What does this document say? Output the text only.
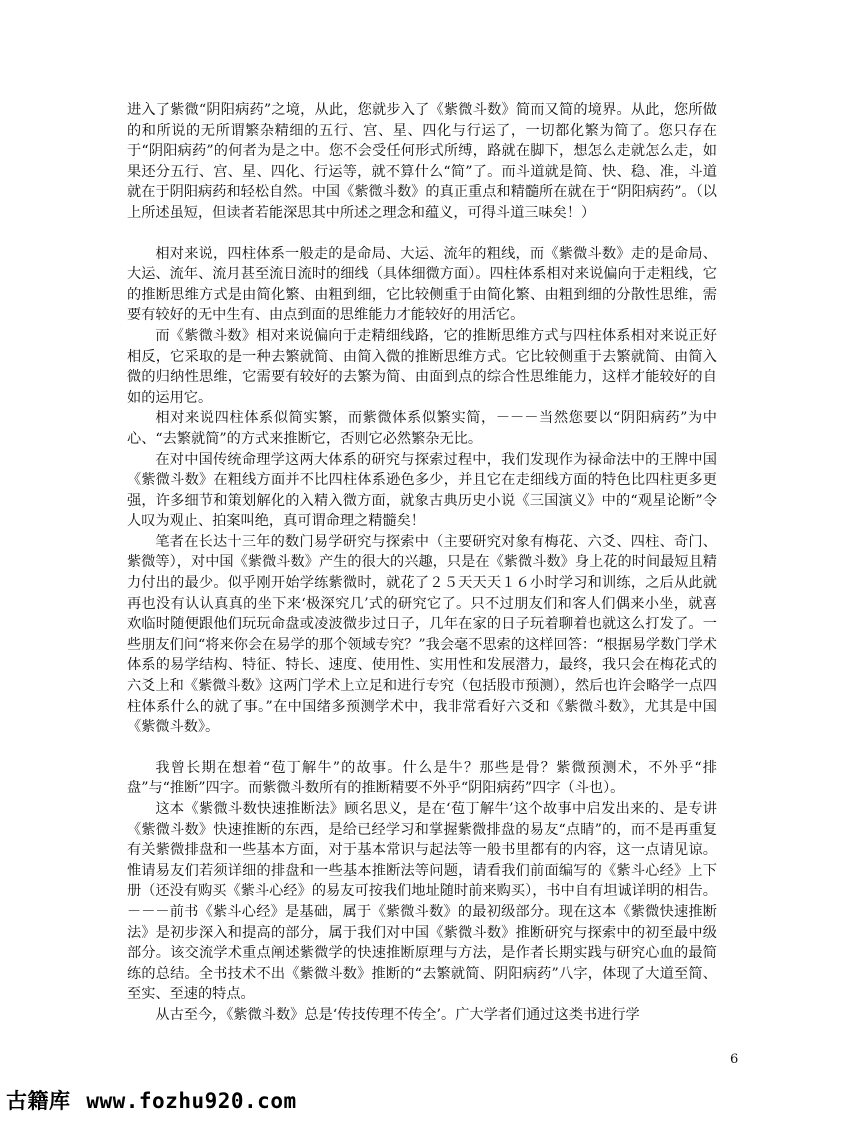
进入了紫微“阴阳病药”之境，从此，您就步入了《紫微斗数》简而又简的境界。从此，您所做的和所说的无所谓繁杂精细的五行、宫、星、四化与行运了，一切都化繁为简了。您只存在于“阴阳病药”的何者为是之中。您不会受任何形式所缚，路就在脚下，想怎么走就怎么走，如果还分五行、宫、星、四化、行运等，就不算什么“简”了。而斗道就是简、快、稳、准，斗道就在于阴阳病药和轻松自然。中国《紫微斗数》的真正重点和精髓所在就在于“阴阳病药”。（以上所述虽短，但读者若能深思其中所述之理念和蕴义，可得斗道三味矣！）

相对来说，四柱体系一般走的是命局、大运、流年的粗线，而《紫微斗数》走的是命局、大运、流年、流月甚至流日流时的细线（具体细微方面）。四柱体系相对来说偏向于走粗线，它的推断思维方式是由简化繁、由粗到细，它比较侧重于由简化繁、由粗到细的分散性思维，需要有较好的无中生有、由点到面的思维能力才能较好的用活它。

而《紫微斗数》相对来说偏向于走精细线路，它的推断思维方式与四柱体系相对来说正好相反，它采取的是一种去繁就简、由简入微的推断思维方式。它比较侧重于去繁就简、由简入微的归纳性思维，它需要有较好的去繁为简、由面到点的综合性思维能力，这样才能较好的自如的运用它。

相对来说四柱体系似简实繁，而紫微体系似繁实简，－－－当然您要以“阴阳病药”为中心、“去繁就简”的方式来推断它，否则它必然繁杂无比。

在对中国传统命理学这两大体系的研究与探索过程中，我们发现作为禄命法中的王牌中国《紫微斗数》在粗线方面并不比四柱体系逊色多少，并且它在走细线方面的特色比四柱更多更强，许多细节和策划解化的入精入微方面，就象古典历史小说《三国演义》中的“观星论断”令人叹为观止、拍案叫绝，真可谓命理之精髓矣！

笔者在长达十三年的数门易学研究与探索中（主要研究对象有梅花、六爻、四柱、奇门、紫微等），对中国《紫微斗数》产生的很大的兴趣，只是在《紫微斗数》身上花的时间最短且精力付出的最少。似乎刚开始学练紫微时，就花了２５天天天１６小时学习和训练，之后从此就再也没有认认真真的坐下来‘极深究几’式的研究它了。只不过朋友们和客人们偶来小坐，就喜欢临时随便跟他们玩玩命盘或凌波微步过日子，几年在家的日子玩着聊着也就这么打发了。一些朋友们问“将来你会在易学的那个领域专究？”我会毫不思索的这样回答：“根据易学数门学术体系的易学结构、特征、特长、速度、使用性、实用性和发展潜力，最终，我只会在梅花式的六爻上和《紫微斗数》这两门学术上立足和进行专究（包括股市预测），然后也许会略学一点四柱体系什么的就了事。”在中国绪多预测学术中，我非常看好六爻和《紫微斗数》，尤其是中国《紫微斗数》。

我曾长期在想着“苞丁解牛”的故事。什么是牛？那些是骨？紫微预测术，不外乎“排盘”与“推断”四字。而紫微斗数所有的推断精要不外乎“阴阳病药”四字（斗也）。

这本《紫微斗数快速推断法》顾名思义，是在‘苞丁解牛’这个故事中启发出来的、是专讲《紫微斗数》快速推断的东西，是给已经学习和掌握紫微排盘的易友“点睛”的，而不是再重复有关紫微排盘和一些基本方面，对于基本常识与起法等一般书里都有的内容，这一点请见谅。惟请易友们若须详细的排盘和一些基本推断法等问题，请看我们前面编写的《紫斗心经》上下册（还没有购买《紫斗心经》的易友可按我们地址随时前来购买），书中自有坦诚详明的相告。－－－前书《紫斗心经》是基础，属于《紫微斗数》的最初级部分。现在这本《紫微快速推断法》是初步深入和提高的部分，属于我们对中国《紫微斗数》推断研究与探索中的初至最中级部分。该交流学术重点阐述紫微学的快速推断原理与方法，是作者长期实践与研究心血的最简练的总结。全书技术不出《紫微斗数》推断的“去繁就简、阴阳病药”八字，体现了大道至简、至实、至速的特点。

从古至今，《紫微斗数》总是‘传技传理不传全’。广大学者们通过这类书进行学

6
古籍库 www.fozhu920.com
